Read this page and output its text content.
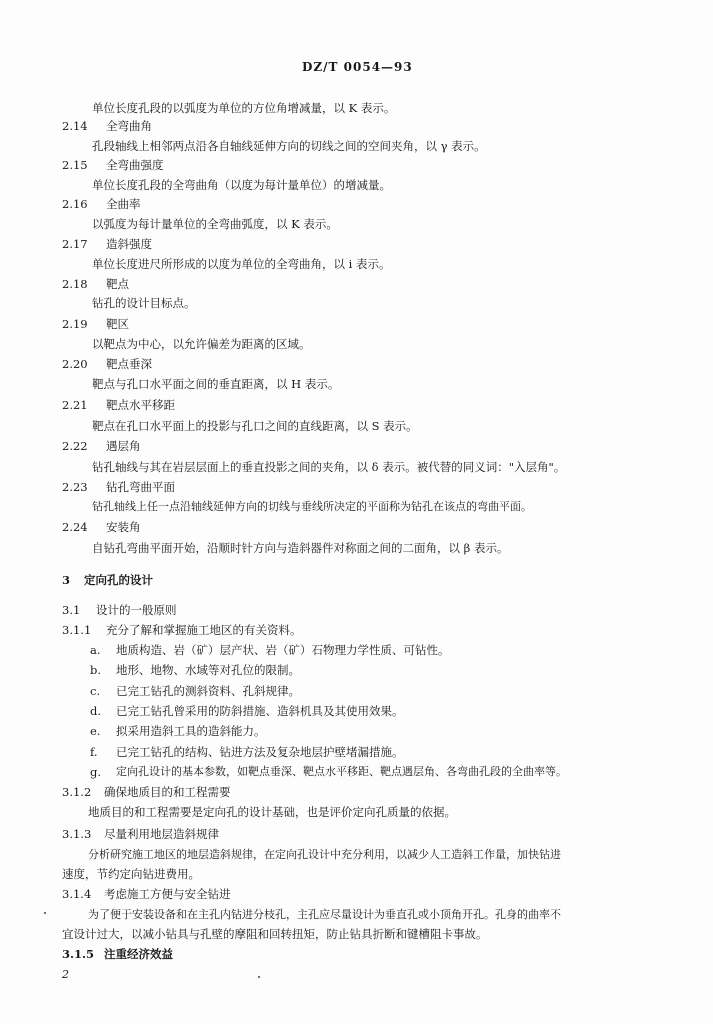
DZ/T 0054—93
单位长度孔段的以弧度为单位的方位角增减量，以 K 表示。
2.14 全弯曲角
孔段轴线上相邻两点沿各自轴线延伸方向的切线之间的空间夹角，以 γ 表示。
2.15 全弯曲强度
单位长度孔段的全弯曲角（以度为每计量单位）的增减量。
2.16 全曲率
以弧度为每计量单位的全弯曲弧度，以 K 表示。
2.17 造斜强度
单位长度进尺所形成的以度为单位的全弯曲角，以 i 表示。
2.18 靶点
钻孔的设计目标点。
2.19 靶区
以靶点为中心，以允许偏差为距离的区域。
2.20 靶点垂深
靶点与孔口水平面之间的垂直距离，以 H 表示。
2.21 靶点水平移距
靶点在孔口水平面上的投影与孔口之间的直线距离，以 S 表示。
2.22 遇层角
钻孔轴线与其在岩层层面上的垂直投影之间的夹角，以 δ 表示。被代替的同义词："入层角"。
2.23 钻孔弯曲平面
钻孔轴线上任一点沿轴线延伸方向的切线与垂线所决定的平面称为钻孔在该点的弯曲平面。
2.24 安装角
自钻孔弯曲平面开始，沿顺时针方向与造斜器件对称面之间的二面角，以 β 表示。
3 定向孔的设计
3.1 设计的一般原则
3.1.1 充分了解和掌握施工地区的有关资料。
a. 地质构造、岩（矿）层产状、岩（矿）石物理力学性质、可钻性。
b. 地形、地物、水域等对孔位的限制。
c. 已完工钻孔的测斜资料、孔斜规律。
d. 已完工钻孔曾采用的防斜措施、造斜机具及其使用效果。
e. 拟采用造斜工具的造斜能力。
f. 已完工钻孔的结构、钻进方法及复杂地层护壁堵漏措施。
g. 定向孔设计的基本参数，如靶点垂深、靶点水平移距、靶点遇层角、各弯曲孔段的全曲率等。
3.1.2 确保地质目的和工程需要
地质目的和工程需要是定向孔的设计基础，也是评价定向孔质量的依据。
3.1.3 尽量利用地层造斜规律
分析研究施工地区的地层造斜规律，在定向孔设计中充分利用，以减少人工造斜工作量，加快钻进
速度，节约定向钻进费用。
3.1.4 考虑施工方便与安全钻进
为了便于安装设备和在主孔内钻进分枝孔，主孔应尽量设计为垂直孔或小顶角开孔。孔身的曲率不
宜设计过大，以减小钻具与孔壁的摩阻和回转扭矩，防止钻具折断和键槽阻卡事故。
3.1.5 注重经济效益
2
